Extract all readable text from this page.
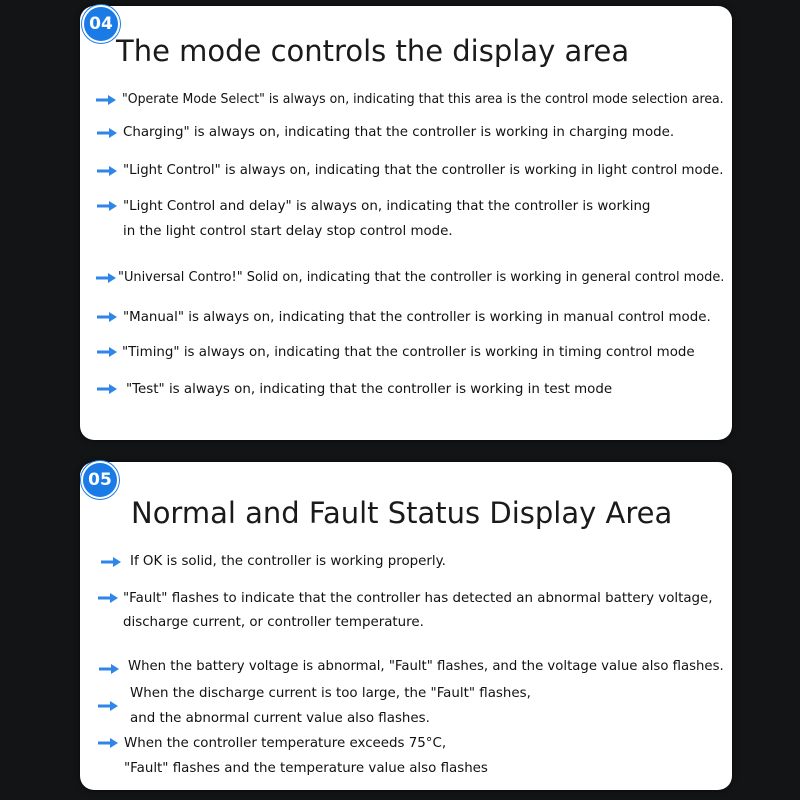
04
The mode controls the display area
"Operate Mode Select" is always on, indicating that this area is the control mode selection area.
Charging" is always on, indicating that the controller is working in charging mode.
"Light Control" is always on, indicating that the controller is working in light control mode.
"Light Control and delay" is always on, indicating that the controller is working
in the light control start delay stop control mode.
"Universal Contro!" Solid on, indicating that the controller is working in general control mode.
"Manual" is always on, indicating that the controller is working in manual control mode.
"Timing" is always on, indicating that the controller is working in timing control mode
"Test" is always on, indicating that the controller is working in test mode
05
Normal and Fault Status Display Area
If OK is solid, the controller is working properly.
"Fault" flashes to indicate that the controller has detected an abnormal battery voltage,
discharge current, or controller temperature.
When the battery voltage is abnormal, "Fault" flashes, and the voltage value also flashes.
When the discharge current is too large, the "Fault" flashes,
and the abnormal current value also flashes.
When the controller temperature exceeds 75°C,
"Fault" flashes and the temperature value also flashes
